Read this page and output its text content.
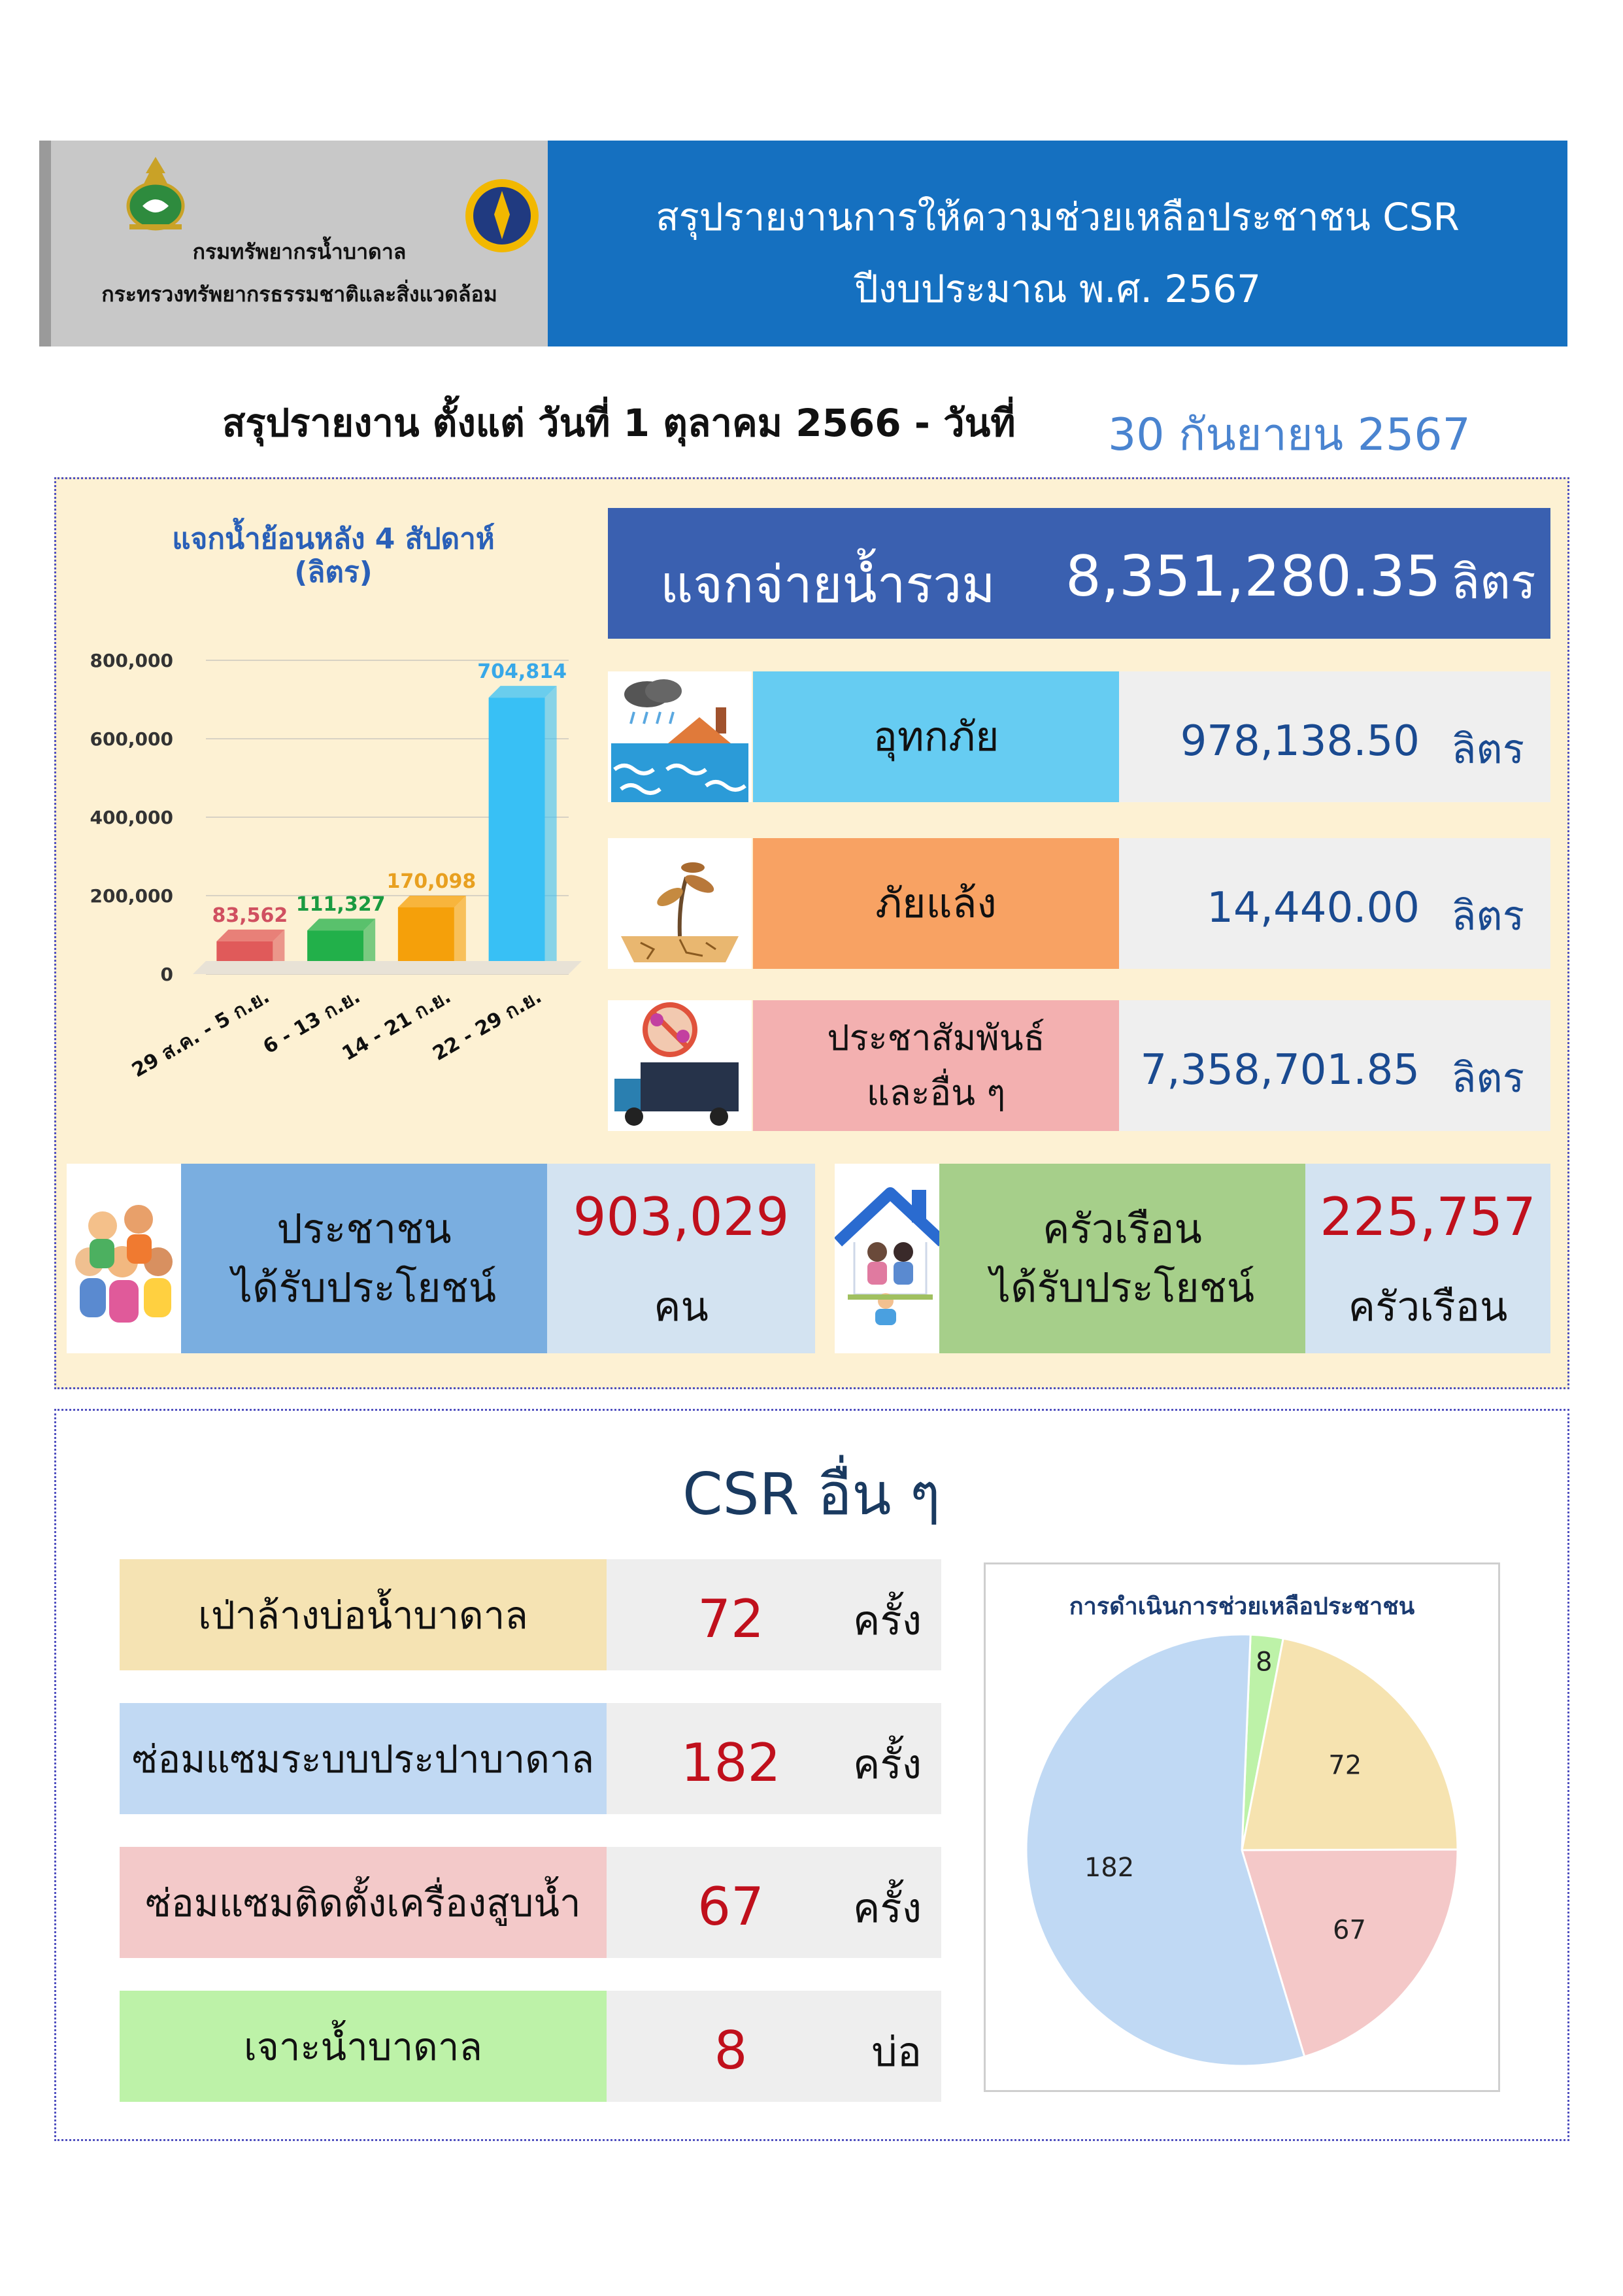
กรมทรัพยากรน้ำบาดาล
กระทรวงทรัพยากรธรรมชาติและสิ่งแวดล้อม
สรุปรายงานการให้ความช่วยเหลือประชาชน CSR
ปีงบประมาณ พ.ศ. 2567
สรุปรายงาน ตั้งแต่ วันที่ 1 ตุลาคม 2566 - วันที่ 30 กันยายน 2567
แจกน้ำย้อนหลัง 4 สัปดาห์
(ลิตร)
800,000
600,000
400,000
200,000
0
83,562
29 ส.ค. - 5 ก.ย.
111,327
6 - 13 ก.ย.
170,098
14 - 21 ก.ย.
704,814
22 - 29 ก.ย.
แจกจ่ายน้ำรวม 8,351,280.35 ลิตร
อุทกภัย	978,138.50 ลิตร
ภัยแล้ง	14,440.00 ลิตร
ประชาสัมพันธ์
และอื่น ๆ	7,358,701.85 ลิตร
ประชาชน
ได้รับประโยชน์
903,029
คน
ครัวเรือน
ได้รับประโยชน์
225,757
ครัวเรือน
CSR อื่น ๆ
เป่าล้างบ่อน้ำบาดาล	72	ครั้ง
ซ่อมแซมระบบประปาบาดาล	182	ครั้ง
ซ่อมแซมติดตั้งเครื่องสูบน้ำ	67	ครั้ง
เจาะน้ำบาดาล	8	บ่อ
การดำเนินการช่วยเหลือประชาชน
8
72
67
182
